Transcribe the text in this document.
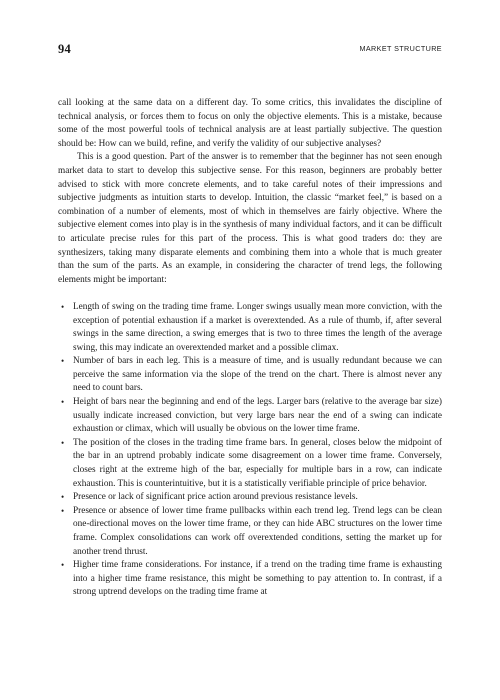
94	MARKET STRUCTURE

call looking at the same data on a different day. To some critics, this invalidates the discipline of technical analysis, or forces them to focus on only the objective elements. This is a mistake, because some of the most powerful tools of technical analysis are at least partially subjective. The question should be: How can we build, refine, and verify the validity of our subjective analyses?

This is a good question. Part of the answer is to remember that the beginner has not seen enough market data to start to develop this subjective sense. For this reason, beginners are probably better advised to stick with more concrete elements, and to take careful notes of their impressions and subjective judgments as intuition starts to develop. Intuition, the classic “market feel,” is based on a combination of a number of elements, most of which in themselves are fairly objective. Where the subjective element comes into play is in the synthesis of many individual factors, and it can be difficult to articulate precise rules for this part of the process. This is what good traders do: they are synthesizers, taking many disparate elements and combining them into a whole that is much greater than the sum of the parts. As an example, in considering the character of trend legs, the following elements might be important:

• Length of swing on the trading time frame. Longer swings usually mean more conviction, with the exception of potential exhaustion if a market is overextended. As a rule of thumb, if, after several swings in the same direction, a swing emerges that is two to three times the length of the average swing, this may indicate an overextended market and a possible climax.
• Number of bars in each leg. This is a measure of time, and is usually redundant because we can perceive the same information via the slope of the trend on the chart. There is almost never any need to count bars.
• Height of bars near the beginning and end of the legs. Larger bars (relative to the average bar size) usually indicate increased conviction, but very large bars near the end of a swing can indicate exhaustion or climax, which will usually be obvious on the lower time frame.
• The position of the closes in the trading time frame bars. In general, closes below the midpoint of the bar in an uptrend probably indicate some disagreement on a lower time frame. Conversely, closes right at the extreme high of the bar, especially for multiple bars in a row, can indicate exhaustion. This is counterintuitive, but it is a statistically verifiable principle of price behavior.
• Presence or lack of significant price action around previous resistance levels.
• Presence or absence of lower time frame pullbacks within each trend leg. Trend legs can be clean one-directional moves on the lower time frame, or they can hide ABC structures on the lower time frame. Complex consolidations can work off overextended conditions, setting the market up for another trend thrust.
• Higher time frame considerations. For instance, if a trend on the trading time frame is exhausting into a higher time frame resistance, this might be something to pay attention to. In contrast, if a strong uptrend develops on the trading time frame at
